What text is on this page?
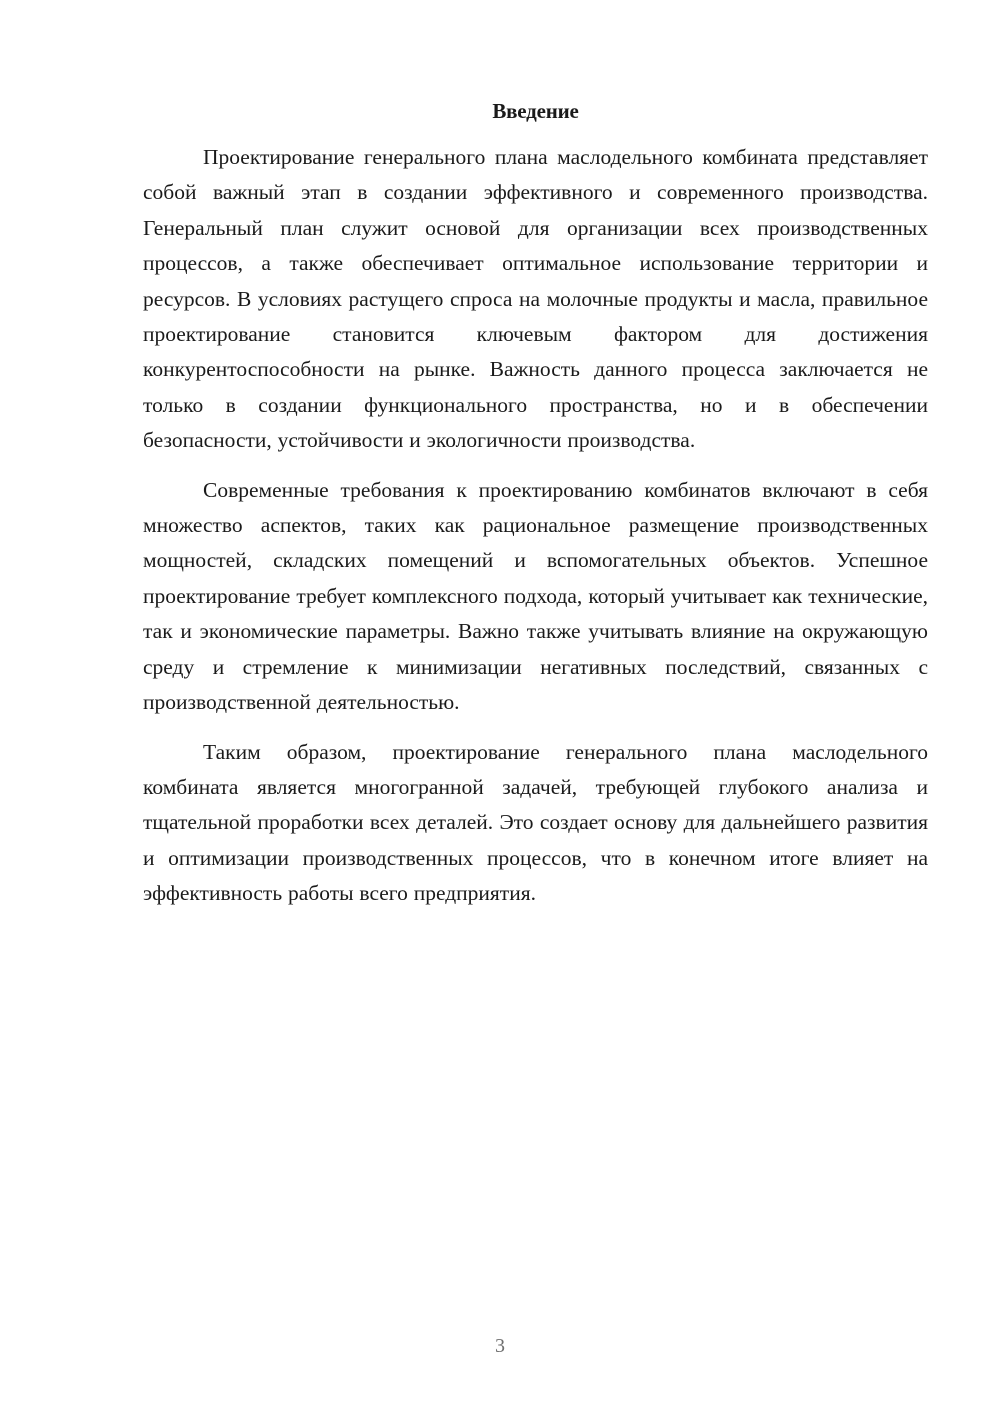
Введение

Проектирование генерального плана маслодельного комбината представляет собой важный этап в создании эффективного и современного производства. Генеральный план служит основой для организации всех производственных процессов, а также обеспечивает оптимальное использование территории и ресурсов. В условиях растущего спроса на молочные продукты и масла, правильное проектирование становится ключевым фактором для достижения конкурентоспособности на рынке. Важность данного процесса заключается не только в создании функционального пространства, но и в обеспечении безопасности, устойчивости и экологичности производства.

Современные требования к проектированию комбинатов включают в себя множество аспектов, таких как рациональное размещение производственных мощностей, складских помещений и вспомогательных объектов. Успешное проектирование требует комплексного подхода, который учитывает как технические, так и экономические параметры. Важно также учитывать влияние на окружающую среду и стремление к минимизации негативных последствий, связанных с производственной деятельностью.

Таким образом, проектирование генерального плана маслодельного комбината является многогранной задачей, требующей глубокого анализа и тщательной проработки всех деталей. Это создает основу для дальнейшего развития и оптимизации производственных процессов, что в конечном итоге влияет на эффективность работы всего предприятия.

3
